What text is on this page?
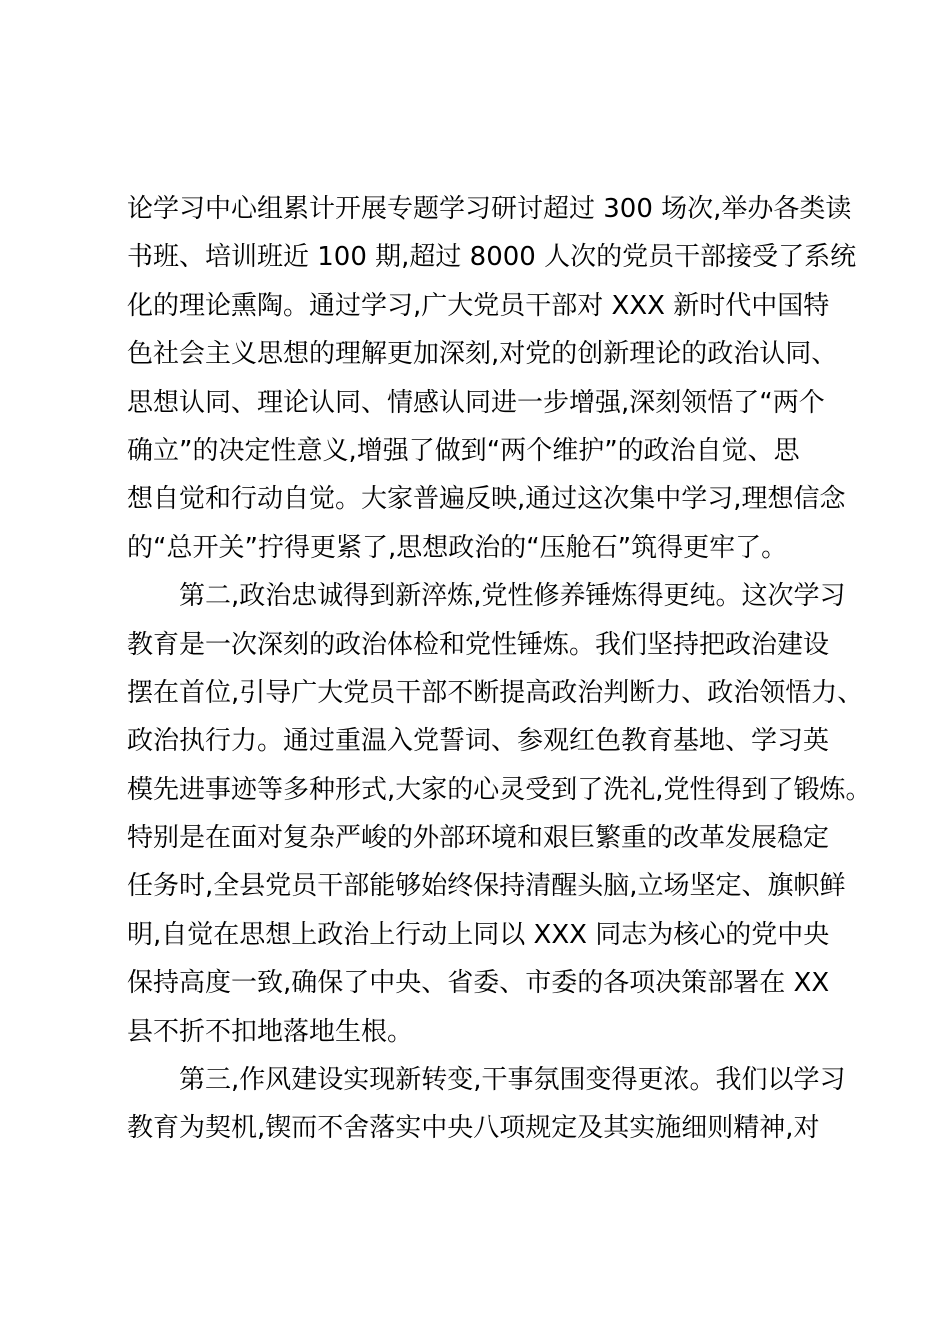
论学习中心组累计开展专题学习研讨超过 300 场次,举办各类读
书班、培训班近 100 期,超过 8000 人次的党员干部接受了系统
化的理论熏陶。通过学习,广大党员干部对 XXX 新时代中国特
色社会主义思想的理解更加深刻,对党的创新理论的政治认同、
思想认同、理论认同、情感认同进一步增强,深刻领悟了“两个
确立”的决定性意义,增强了做到“两个维护”的政治自觉、思
想自觉和行动自觉。大家普遍反映,通过这次集中学习,理想信念
的“总开关”拧得更紧了,思想政治的“压舱石”筑得更牢了。
第二,政治忠诚得到新淬炼,党性修养锤炼得更纯。这次学习
教育是一次深刻的政治体检和党性锤炼。我们坚持把政治建设
摆在首位,引导广大党员干部不断提高政治判断力、政治领悟力、
政治执行力。通过重温入党誓词、参观红色教育基地、学习英
模先进事迹等多种形式,大家的心灵受到了洗礼,党性得到了锻炼。
特别是在面对复杂严峻的外部环境和艰巨繁重的改革发展稳定
任务时,全县党员干部能够始终保持清醒头脑,立场坚定、旗帜鲜
明,自觉在思想上政治上行动上同以 XXX 同志为核心的党中央
保持高度一致,确保了中央、省委、市委的各项决策部署在 XX
县不折不扣地落地生根。
第三,作风建设实现新转变,干事氛围变得更浓。我们以学习
教育为契机,锲而不舍落实中央八项规定及其实施细则精神,对
